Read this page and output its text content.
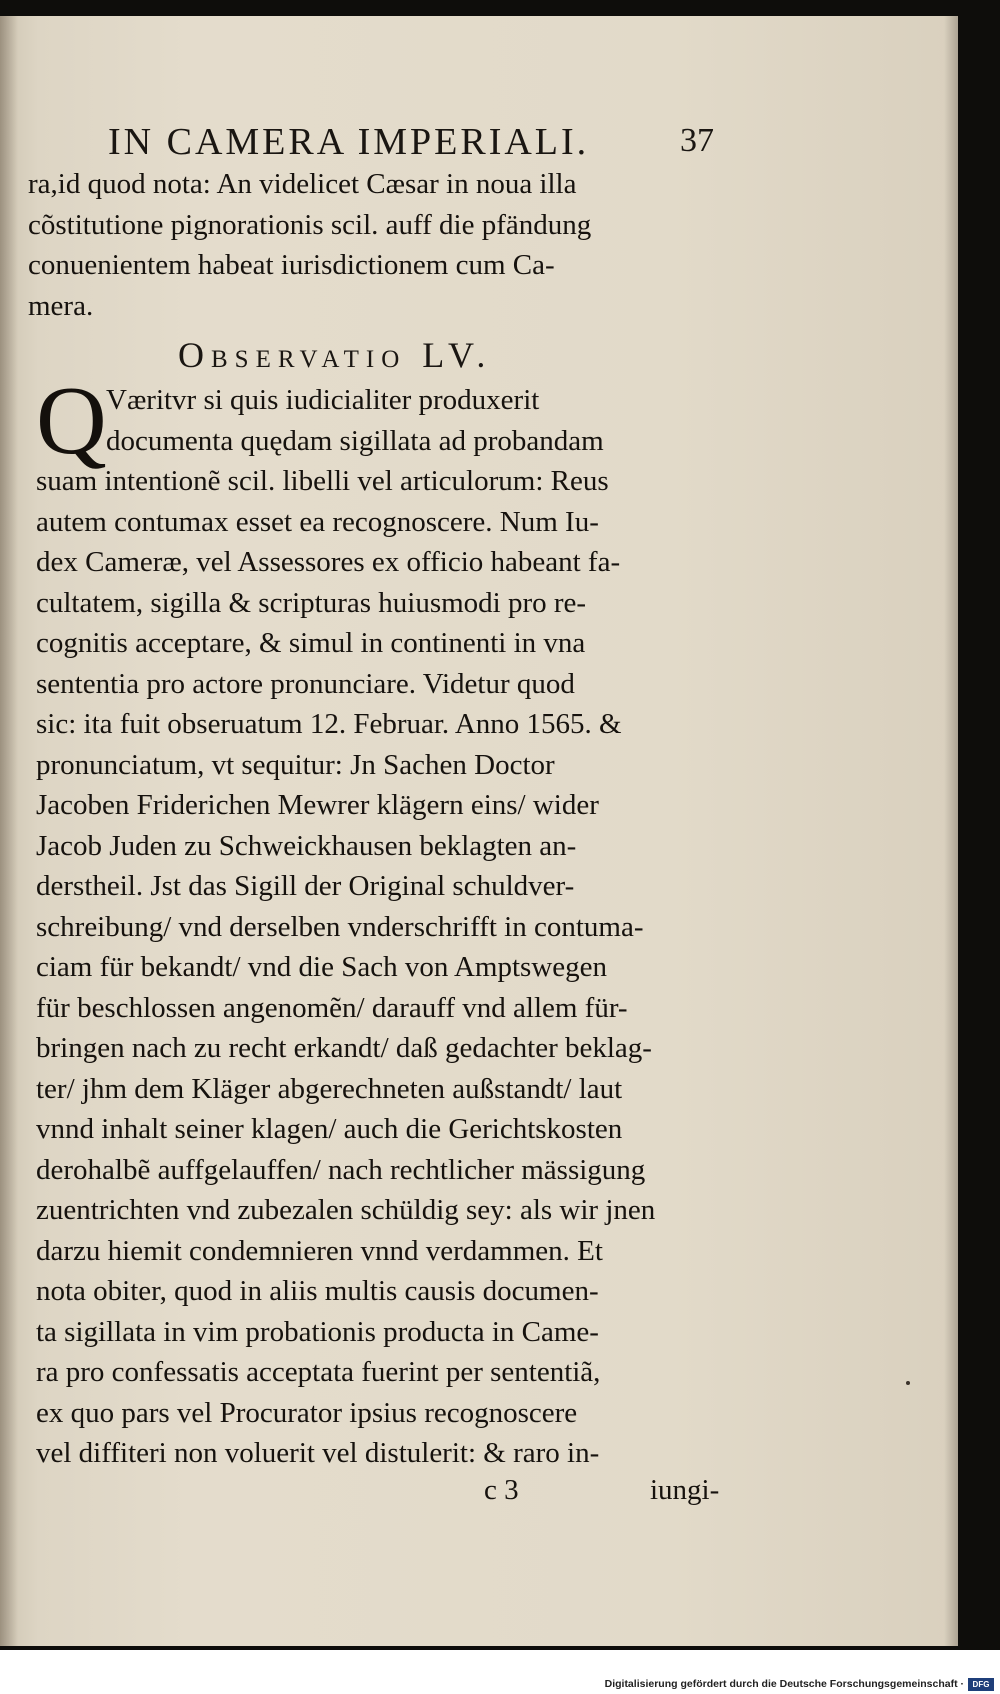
IN CAMERA IMPERIALI.	37
ra,id quod nota: An videlicet Cæsar in noua illa
cõstitutione pignorationis scil. auff die pfändung
conuenientem habeat iurisdictionem cum Ca-
mera.
Observatio LV.
Q Væritvr si quis iudicialiter produxerit
documenta quędam sigillata ad probandam
suam intentionẽ scil. libelli vel articulorum: Reus
autem contumax esset ea recognoscere. Num Iu-
dex Cameræ, vel Assessores ex officio habeant fa-
cultatem, sigilla & scripturas huiusmodi pro re-
cognitis acceptare, & simul in continenti in vna
sententia pro actore pronunciare. Videtur quod
sic: ita fuit obseruatum 12. Februar. Anno 1565. &
pronunciatum, vt sequitur: Jn Sachen Doctor
Jacoben Friderichen Mewrer klägern eins/ wider
Jacob Juden zu Schweickhausen beklagten an-
derstheil. Jst das Sigill der Original schuldver-
schreibung/ vnd derselben vnderschrifft in contuma-
ciam für bekandt/ vnd die Sach von Amptswegen
für beschlossen angenomẽn/ darauff vnd allem für-
bringen nach zu recht erkandt/ daß gedachter beklag-
ter/ jhm dem Kläger abgerechneten außstandt/ laut
vnnd inhalt seiner klagen/ auch die Gerichtskosten
derohalbẽ auffgelauffen/ nach rechtlicher mässigung
zuentrichten vnd zubezalen schüldig sey: als wir jnen
darzu hiemit condemnieren vnnd verdammen. Et
nota obiter, quod in aliis multis causis documen-
ta sigillata in vim probationis producta in Came-
ra pro confessatis acceptata fuerint per sententiã,
ex quo pars vel Procurator ipsius recognoscere
vel diffiteri non voluerit vel distulerit: & raro in-
c 3	iungi-
Digitalisierung gefördert durch die Deutsche Forschungsgemeinschaft ·	DFG
